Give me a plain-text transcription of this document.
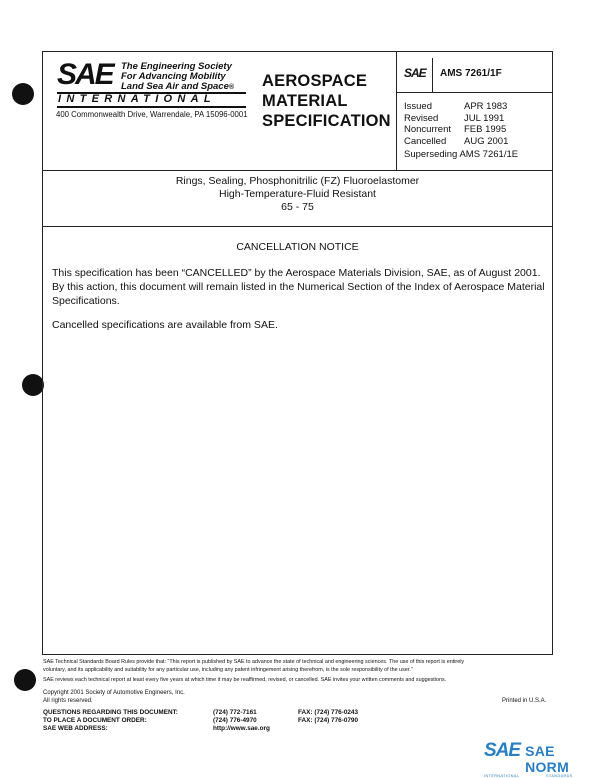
SAE The Engineering Society
For Advancing Mobility
Land Sea Air and Space®
INTERNATIONAL
400 Commonwealth Drive, Warrendale, PA 15096-0001
AEROSPACE
MATERIAL
SPECIFICATION
SAE AMS 7261/1F
Issued	APR 1983
Revised	JUL 1991
Noncurrent	FEB 1995
Cancelled	AUG 2001
Superseding AMS 7261/1E
Rings, Sealing, Phosphonitrilic (FZ) Fluoroelastomer
High-Temperature-Fluid Resistant
65 - 75
CANCELLATION NOTICE
This specification has been “CANCELLED” by the Aerospace Materials Division, SAE, as of August 2001.
By this action, this document will remain listed in the Numerical Section of the Index of Aerospace Material
Specifications.
Cancelled specifications are available from SAE.
SAE Technical Standards Board Rules provide that: “This report is published by SAE to advance the state of technical and engineering sciences. The use of this report is entirely
voluntary, and its applicability and suitability for any particular use, including any patent infringement arising therefrom, is the sole responsibility of the user.”
SAE reviews each technical report at least every five years at which time it may be reaffirmed, revised, or cancelled. SAE invites your written comments and suggestions.
Copyright 2001 Society of Automotive Engineers, Inc.
All rights reserved.	Printed in U.S.A.
QUESTIONS REGARDING THIS DOCUMENT:	(724) 772-7161	FAX: (724) 776-0243
TO PLACE A DOCUMENT ORDER:	(724) 776-4970	FAX: (724) 776-0790
SAE WEB ADDRESS:	http://www.sae.org
SAE SAE NORM
INTERNATIONAL	STANDARDS
